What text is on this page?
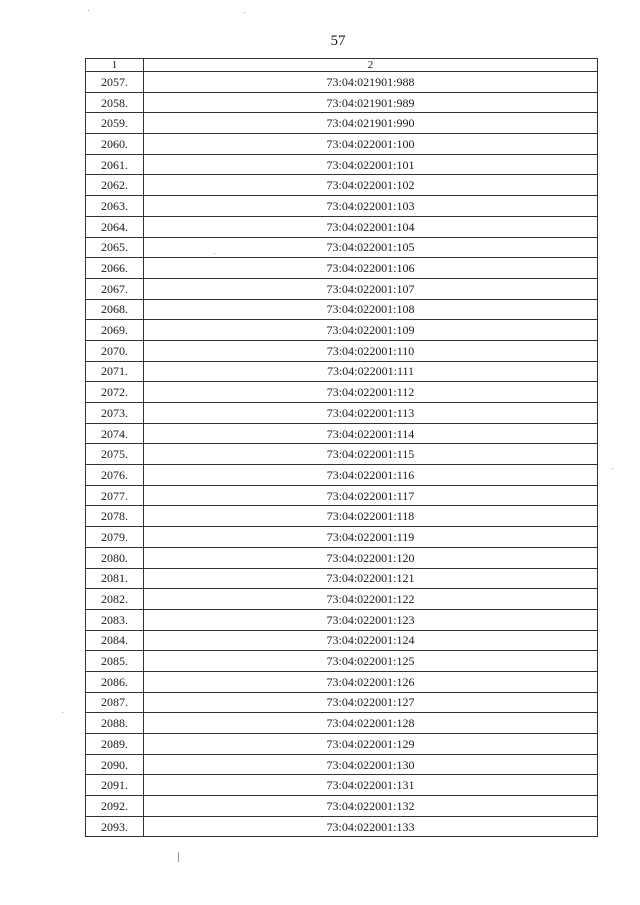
57
1	2
2057.	73:04:021901:988
2058.	73:04:021901:989
2059.	73:04:021901:990
2060.	73:04:022001:100
2061.	73:04:022001:101
2062.	73:04:022001:102
2063.	73:04:022001:103
2064.	73:04:022001:104
2065.	73:04:022001:105
2066.	73:04:022001:106
2067.	73:04:022001:107
2068.	73:04:022001:108
2069.	73:04:022001:109
2070.	73:04:022001:110
2071.	73:04:022001:111
2072.	73:04:022001:112
2073.	73:04:022001:113
2074.	73:04:022001:114
2075.	73:04:022001:115
2076.	73:04:022001:116
2077.	73:04:022001:117
2078.	73:04:022001:118
2079.	73:04:022001:119
2080.	73:04:022001:120
2081.	73:04:022001:121
2082.	73:04:022001:122
2083.	73:04:022001:123
2084.	73:04:022001:124
2085.	73:04:022001:125
2086.	73:04:022001:126
2087.	73:04:022001:127
2088.	73:04:022001:128
2089.	73:04:022001:129
2090.	73:04:022001:130
2091.	73:04:022001:131
2092.	73:04:022001:132
2093.	73:04:022001:133
